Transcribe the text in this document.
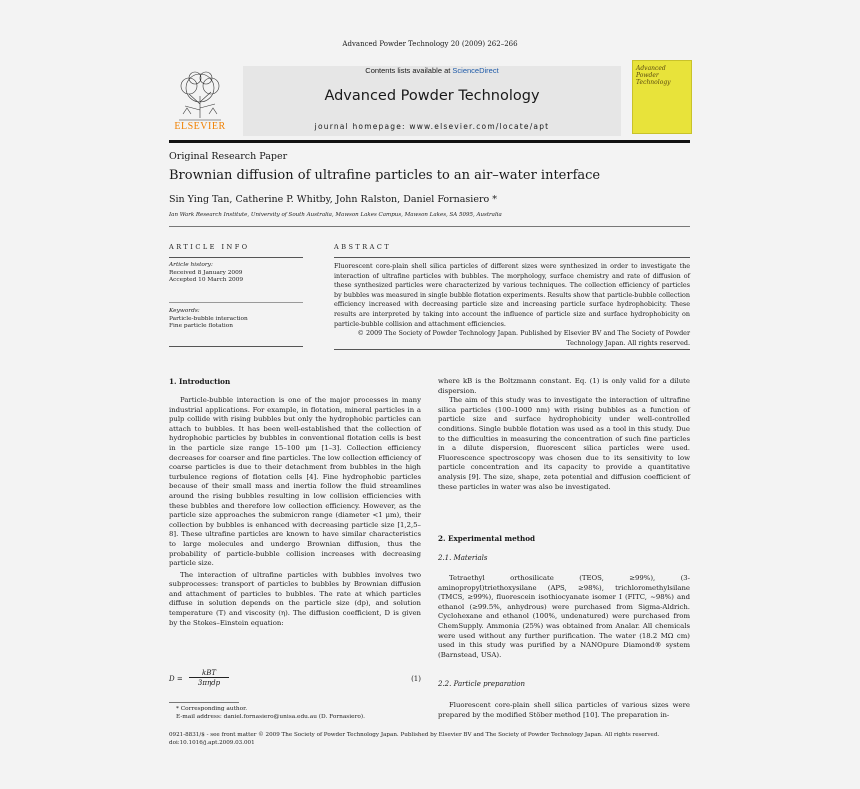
Advanced Powder Technology 20 (2009) 262–266
ELSEVIER
Contents lists available at ScienceDirect
Advanced Powder Technology
journal homepage: www.elsevier.com/locate/apt
Advanced Powder Technology
Original Research Paper
Brownian diffusion of ultrafine particles to an air–water interface
Sin Ying Tan, Catherine P. Whitby, John Ralston, Daniel Fornasiero *
Ian Wark Research Institute, University of South Australia, Mawson Lakes Campus, Mawson Lakes, SA 5095, Australia
ARTICLE INFO
Article history:
Received 8 January 2009
Accepted 10 March 2009
Keywords:
Particle-bubble interaction
Fine particle flotation
ABSTRACT
Fluorescent core-plain shell silica particles of different sizes were synthesized in order to investigate the interaction of ultrafine particles with bubbles. The morphology, surface chemistry and rate of diffusion of these synthesized particles were characterized by various techniques. The collection efficiency of particles by bubbles was measured in single bubble flotation experiments. Results show that particle-bubble collection efficiency increased with decreasing particle size and increasing particle surface hydrophobicity. These results are interpreted by taking into account the influence of particle size and surface hydrophobicity on particle-bubble collision and attachment efficiencies.
© 2009 The Society of Powder Technology Japan. Published by Elsevier BV and The Society of Powder Technology Japan. All rights reserved.
1. Introduction

Particle-bubble interaction is one of the major processes in many industrial applications. For example, in flotation, mineral particles in a pulp collide with rising bubbles but only the hydrophobic particles can attach to bubbles. It has been well-established that the collection of hydrophobic particles by bubbles in conventional flotation cells is best in the particle size range 15–100 μm [1–3]. Collection efficiency decreases for coarser and fine particles. The low collection efficiency of coarse particles is due to their detachment from bubbles in the high turbulence regions of flotation cells [4]. Fine hydrophobic particles because of their small mass and inertia follow the fluid streamlines around the rising bubbles resulting in low collision efficiencies with these bubbles and therefore low collection efficiency. However, as the particle size approaches the submicron range (diameter <1 μm), their collection by bubbles is enhanced with decreasing particle size [1,2,5–8]. These ultrafine particles are known to have similar characteristics to large molecules and undergo Brownian diffusion, thus the probability of particle-bubble collision increases with decreasing particle size.

The interaction of ultrafine particles with bubbles involves two subprocesses: transport of particles to bubbles by Brownian diffusion and attachment of particles to bubbles. The rate at which particles diffuse in solution depends on the particle size (dp), and solution temperature (T) and viscosity (η). The diffusion coefficient, D is given by the Stokes–Einstein equation:

D =
kBT
3πηdp	(1)
* Corresponding author.
E-mail address: daniel.fornasiero@unisa.edu.au (D. Fornasiero).

where kB is the Boltzmann constant. Eq. (1) is only valid for a dilute dispersion.

The aim of this study was to investigate the interaction of ultrafine silica particles (100–1000 nm) with rising bubbles as a function of particle size and surface hydrophobicity under well-controlled conditions. Single bubble flotation was used as a tool in this study. Due to the difficulties in measuring the concentration of such fine particles in a dilute dispersion, fluorescent silica particles were used. Fluorescence spectroscopy was chosen due to its sensitivity to low particle concentration and its capacity to provide a quantitative analysis [9]. The size, shape, zeta potential and diffusion coefficient of these particles in water was also be investigated.

2. Experimental method
2.1. Materials

Tetraethyl orthosilicate (TEOS, ≥99%), (3-aminopropyl)triethoxysilane (APS, ≥98%), trichloromethylsilane (TMCS, ≥99%), fluorescein isothiocyanate isomer I (FITC, ~98%) and ethanol (≥99.5%, anhydrous) were purchased from Sigma-Aldrich. Cyclohexane and ethanol (100%, undenatured) were purchased from ChemSupply. Ammonia (25%) was obtained from Analar. All chemicals were used without any further purification. The water (18.2 MΩ cm) used in this study was purified by a NANOpure Diamond® system (Barnstead, USA).

2.2. Particle preparation

Fluorescent core-plain shell silica particles of various sizes were prepared by the modified Stöber method [10]. The preparation in-

0921-8831/$ - see front matter © 2009 The Society of Powder Technology Japan. Published by Elsevier BV and The Society of Powder Technology Japan. All rights reserved.
doi:10.1016/j.apt.2009.03.001
